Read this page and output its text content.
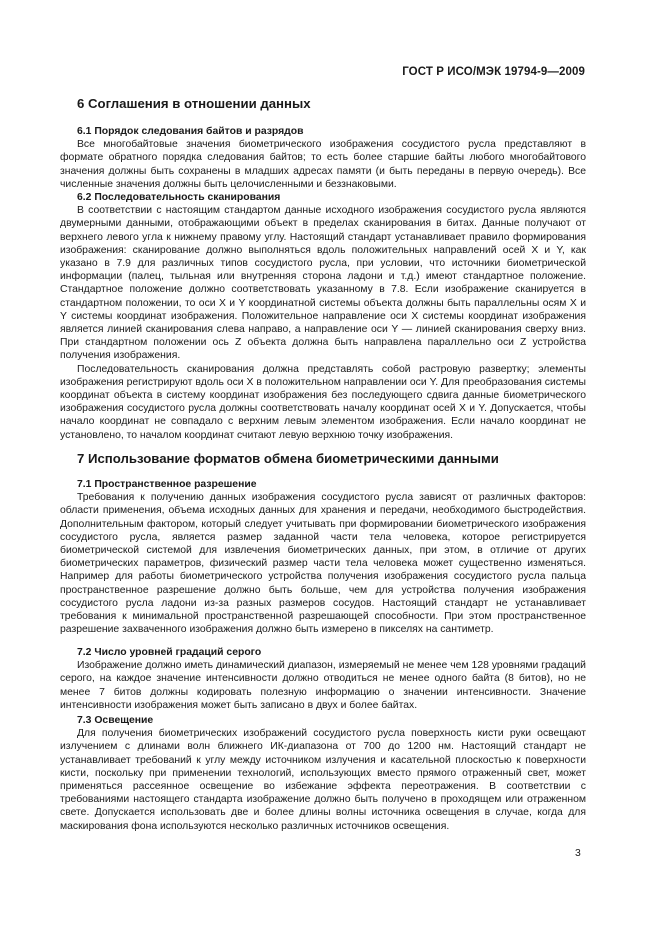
ГОСТ Р ИСО/МЭК 19794-9—2009
6 Соглашения в отношении данных
6.1 Порядок следования байтов и разрядов

Все многобайтовые значения биометрического изображения сосудистого русла представляют в формате обратного порядка следования байтов; то есть более старшие байты любого многобайтового значения должны быть сохранены в младших адресах памяти (и быть переданы в первую очередь). Все численные значения должны быть целочисленными и беззнаковыми.

6.2 Последовательность сканирования

В соответствии с настоящим стандартом данные исходного изображения сосудистого русла являются двумерными данными, отображающими объект в пределах сканирования в битах. Данные получают от верхнего левого угла к нижнему правому углу. Настоящий стандарт устанавливает правило формирования изображения: сканирование должно выполняться вдоль положительных направлений осей X и Y, как указано в 7.9 для различных типов сосудистого русла, при условии, что источники биометрической информации (палец, тыльная или внутренняя сторона ладони и т.д.) имеют стандартное положение. Стандартное положение должно соответствовать указанному в 7.8. Если изображение сканируется в стандартном положении, то оси X и Y координатной системы объекта должны быть параллельны осям X и Y системы координат изображения. Положительное направление оси X системы координат изображения является линией сканирования слева направо, а направление оси Y — линией сканирования сверху вниз. При стандартном положении ось Z объекта должна быть направлена параллельно оси Z устройства получения изображения.

Последовательность сканирования должна представлять собой растровую развертку; элементы изображения регистрируют вдоль оси X в положительном направлении оси Y. Для преобразования системы координат объекта в систему координат изображения без последующего сдвига данные биометрического изображения сосудистого русла должны соответствовать началу координат осей X и Y. Допускается, чтобы начало координат не совпадало с верхним левым элементом изображения. Если начало координат не установлено, то началом координат считают левую верхнюю точку изображения.

7 Использование форматов обмена биометрическими данными
7.1 Пространственное разрешение

Требования к получению данных изображения сосудистого русла зависят от различных факторов: области применения, объема исходных данных для хранения и передачи, необходимого быстродействия. Дополнительным фактором, который следует учитывать при формировании биометрического изображения сосудистого русла, является размер заданной части тела человека, которое регистрируется биометрической системой для извлечения биометрических данных, при этом, в отличие от других биометрических параметров, физический размер части тела человека может существенно изменяться. Например для работы биометрического устройства получения изображения сосудистого русла пальца пространственное разрешение должно быть больше, чем для устройства получения изображения сосудистого русла ладони из-за разных размеров сосудов. Настоящий стандарт не устанавливает требования к минимальной пространственной разрешающей способности. При этом пространственное разрешение захваченного изображения должно быть измерено в пикселях на сантиметр.

7.2 Число уровней градаций серого

Изображение должно иметь динамический диапазон, измеряемый не менее чем 128 уровнями градаций серого, на каждое значение интенсивности должно отводиться не менее одного байта (8 битов), но не менее 7 битов должны кодировать полезную информацию о значении интенсивности. Значение интенсивности изображения может быть записано в двух и более байтах.

7.3 Освещение

Для получения биометрических изображений сосудистого русла поверхность кисти руки освещают излучением с длинами волн ближнего ИК-диапазона от 700 до 1200 нм. Настоящий стандарт не устанавливает требований к углу между источником излучения и касательной плоскостью к поверхности кисти, поскольку при применении технологий, использующих вместо прямого отраженный свет, может применяться рассеянное освещение во избежание эффекта переотражения. В соответствии с требованиями настоящего стандарта изображение должно быть получено в проходящем или отраженном свете. Допускается использовать две и более длины волны источника освещения в случае, когда для маскирования фона используются несколько различных источников освещения.

3
